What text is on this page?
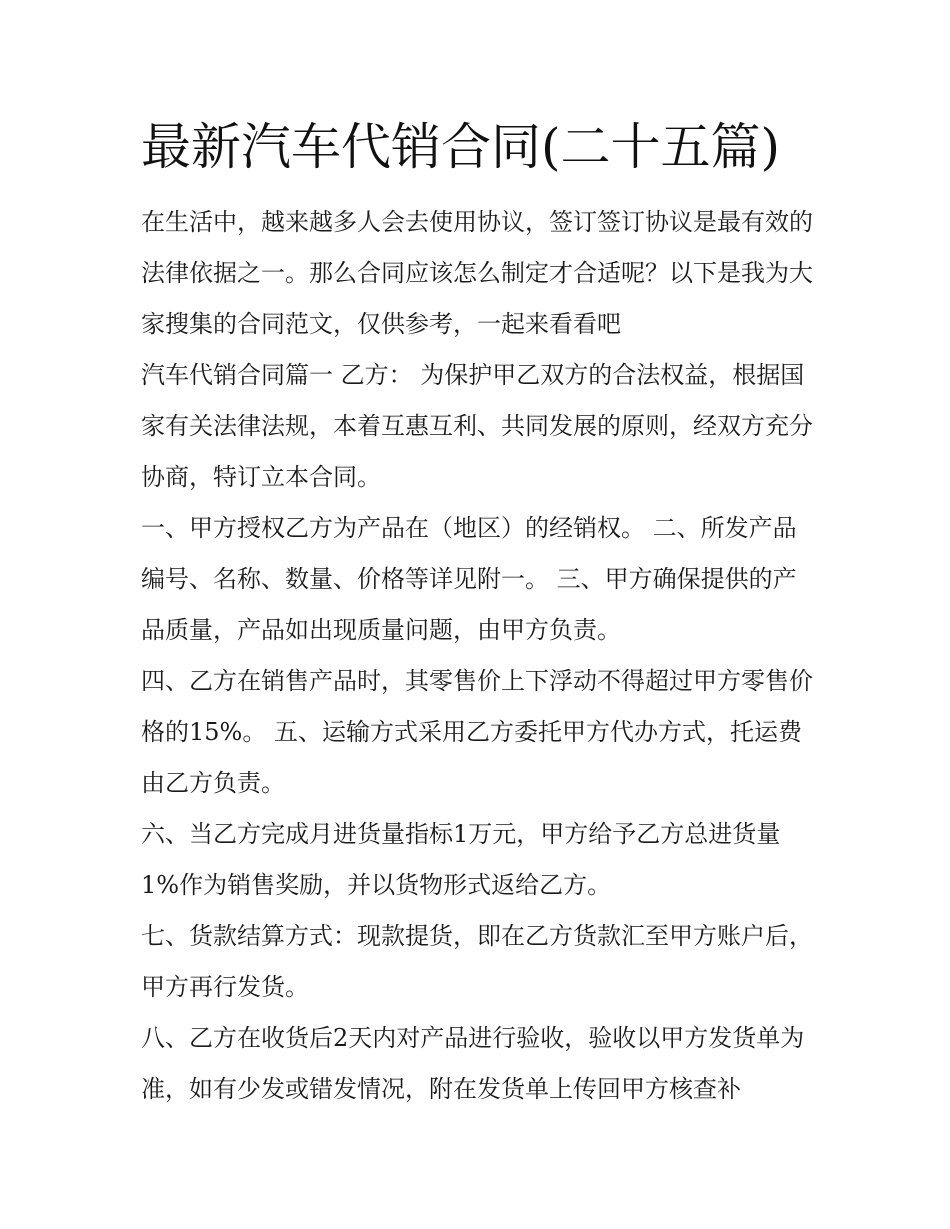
最新汽车代销合同(二十五篇)

在生活中，越来越多人会去使用协议，签订签订协议是最有效的法律依据之一。那么合同应该怎么制定才合适呢？以下是我为大家搜集的合同范文，仅供参考，一起来看看吧

汽车代销合同篇一 乙方： 为保护甲乙双方的合法权益，根据国家有关法律法规，本着互惠互利、共同发展的原则，经双方充分协商，特订立本合同。

一、甲方授权乙方为产品在（地区）的经销权。 二、所发产品编号、名称、数量、价格等详见附一。 三、甲方确保提供的产品质量，产品如出现质量问题，由甲方负责。

四、乙方在销售产品时，其零售价上下浮动不得超过甲方零售价格的15%。 五、运输方式采用乙方委托甲方代办方式，托运费由乙方负责。

六、当乙方完成月进货量指标1万元，甲方给予乙方总进货量1%作为销售奖励，并以货物形式返给乙方。

七、货款结算方式：现款提货，即在乙方货款汇至甲方账户后，甲方再行发货。

八、乙方在收货后2天内对产品进行验收，验收以甲方发货单为准，如有少发或错发情况，附在发货单上传回甲方核查补
